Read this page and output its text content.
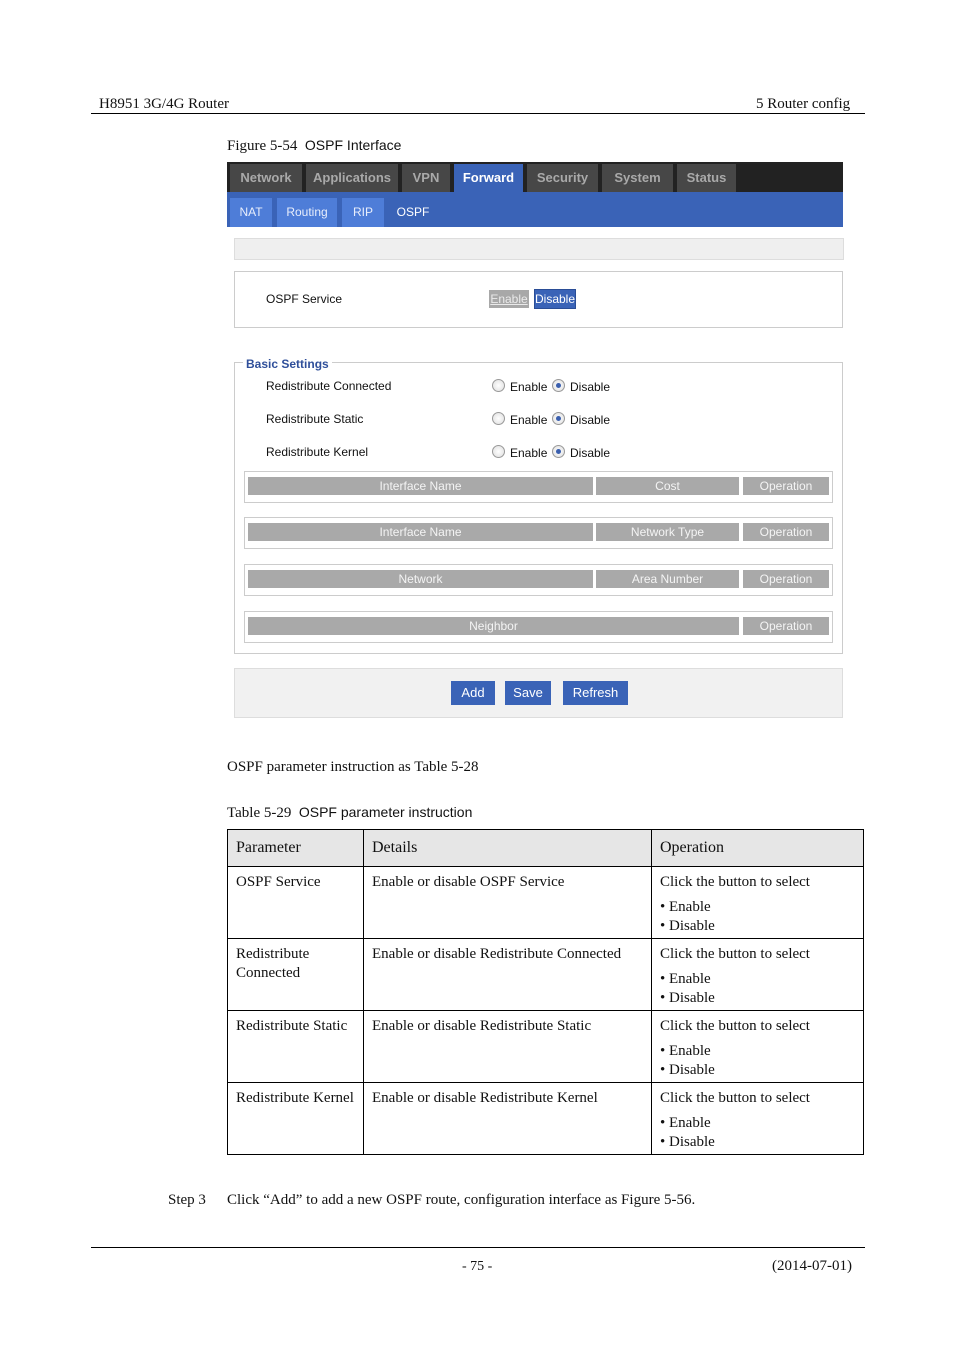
H8951 3G/4G Router	5 Router config
Figure 5-54 OSPF Interface
Network	Applications	VPN	Forward	Security	System	Status
NAT	Routing	RIP	OSPF
OSPF Service	Enable Disable
Basic Settings
Redistribute Connected	Enable Disable
Redistribute Static	Enable Disable
Redistribute Kernel	Enable Disable
Interface Name	Cost	Operation
Interface Name	Network Type	Operation
Network	Area Number	Operation
Neighbor	Operation
Add	Save	Refresh
OSPF parameter instruction as Table 5-28
Table 5-29 OSPF parameter instruction
Parameter	Details	Operation
OSPF Service	Enable or disable OSPF Service	Click the button to select
• Enable
• Disable

Redistribute Connected	Enable or disable Redistribute Connected	Click the button to select
• Enable
• Disable

Redistribute Static	Enable or disable Redistribute Static	Click the button to select
• Enable
• Disable

Redistribute Kernel	Enable or disable Redistribute Kernel	Click the button to select
• Enable
• Disable
Step 3 Click “Add” to add a new OSPF route, configuration interface as Figure 5-56.
- 75 -	(2014-07-01)
